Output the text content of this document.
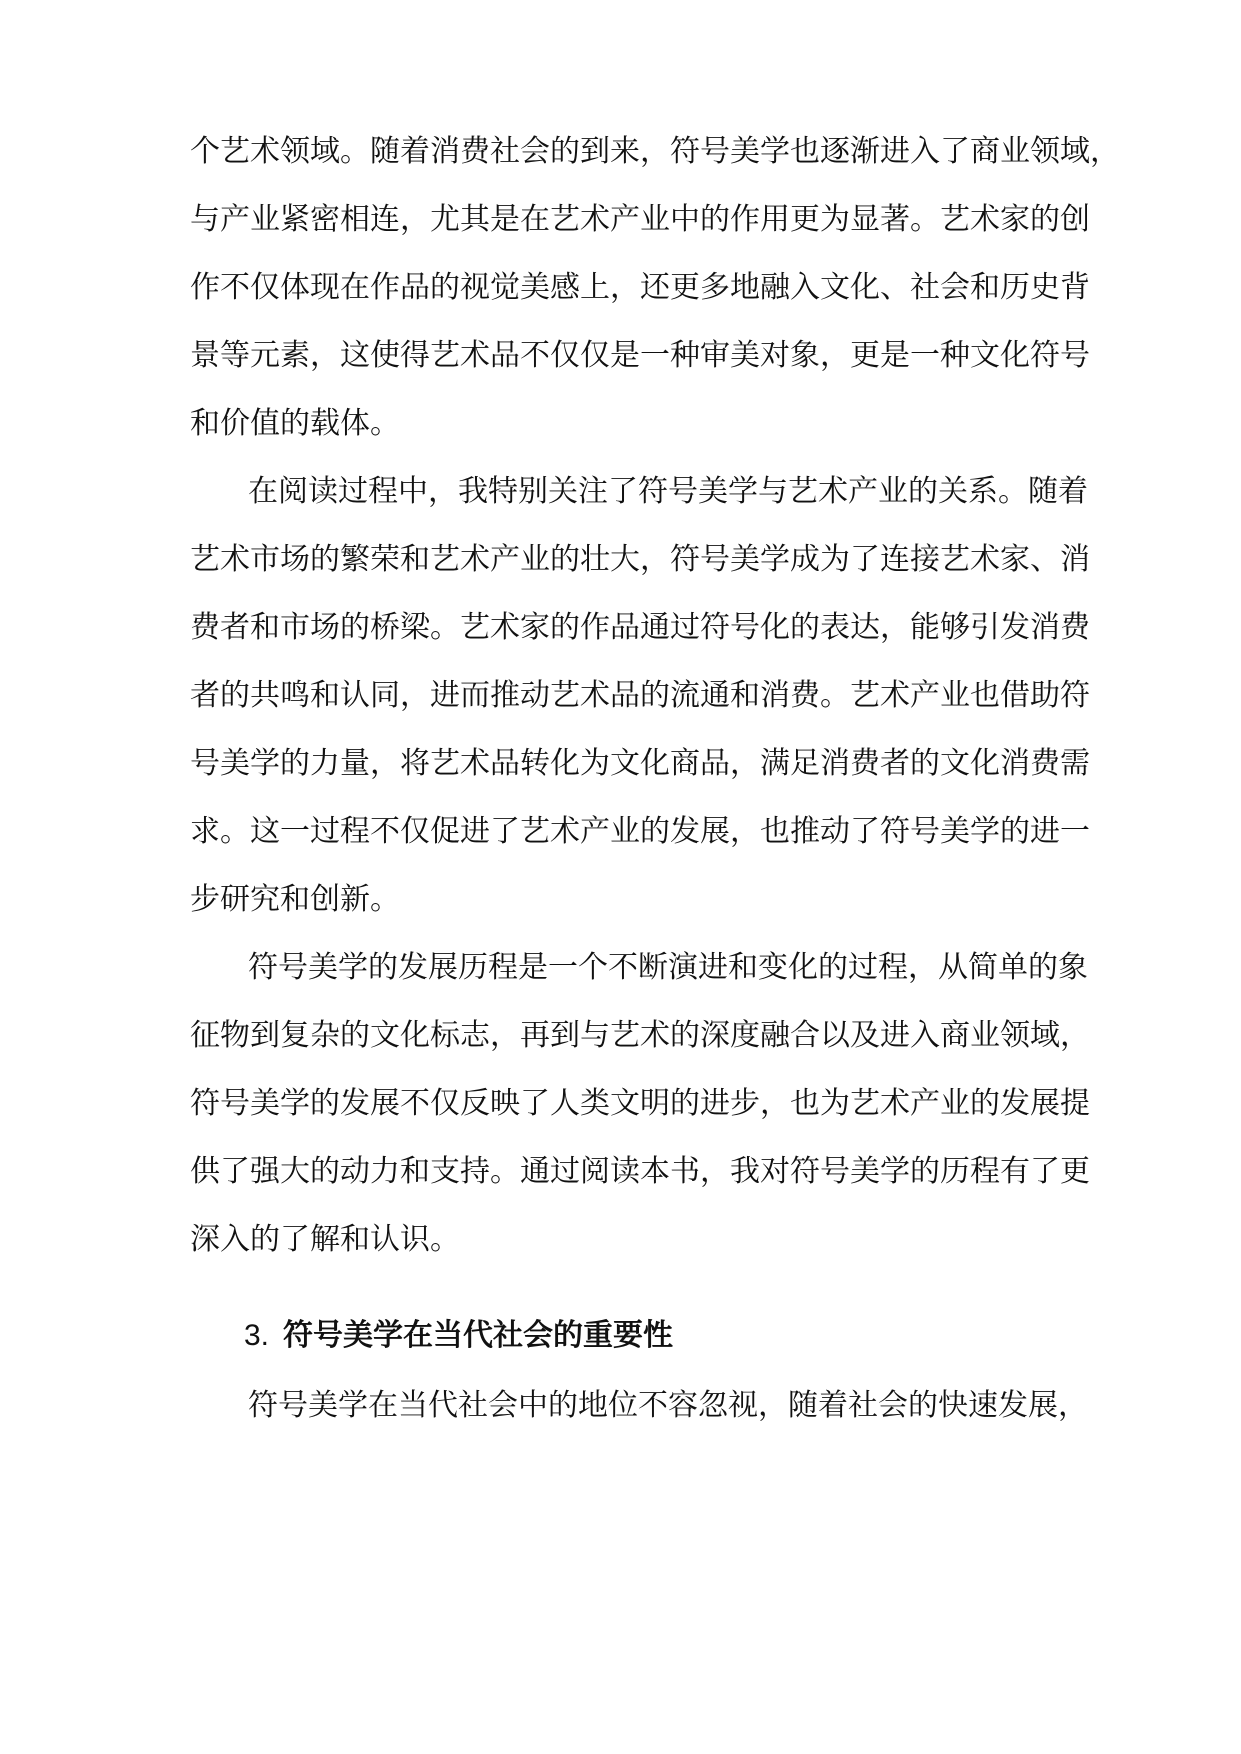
个艺术领域。随着消费社会的到来，符号美学也逐渐进入了商业领域，
与产业紧密相连，尤其是在艺术产业中的作用更为显著。艺术家的创
作不仅体现在作品的视觉美感上，还更多地融入文化、社会和历史背
景等元素，这使得艺术品不仅仅是一种审美对象，更是一种文化符号
和价值的载体。
在阅读过程中，我特别关注了符号美学与艺术产业的关系。随着
艺术市场的繁荣和艺术产业的壮大，符号美学成为了连接艺术家、消
费者和市场的桥梁。艺术家的作品通过符号化的表达，能够引发消费
者的共鸣和认同，进而推动艺术品的流通和消费。艺术产业也借助符
号美学的力量，将艺术品转化为文化商品，满足消费者的文化消费需
求。这一过程不仅促进了艺术产业的发展，也推动了符号美学的进一
步研究和创新。
符号美学的发展历程是一个不断演进和变化的过程，从简单的象
征物到复杂的文化标志，再到与艺术的深度融合以及进入商业领域，
符号美学的发展不仅反映了人类文明的进步，也为艺术产业的发展提
供了强大的动力和支持。通过阅读本书，我对符号美学的历程有了更
深入的了解和认识。
3. 符号美学在当代社会的重要性
符号美学在当代社会中的地位不容忽视，随着社会的快速发展，
